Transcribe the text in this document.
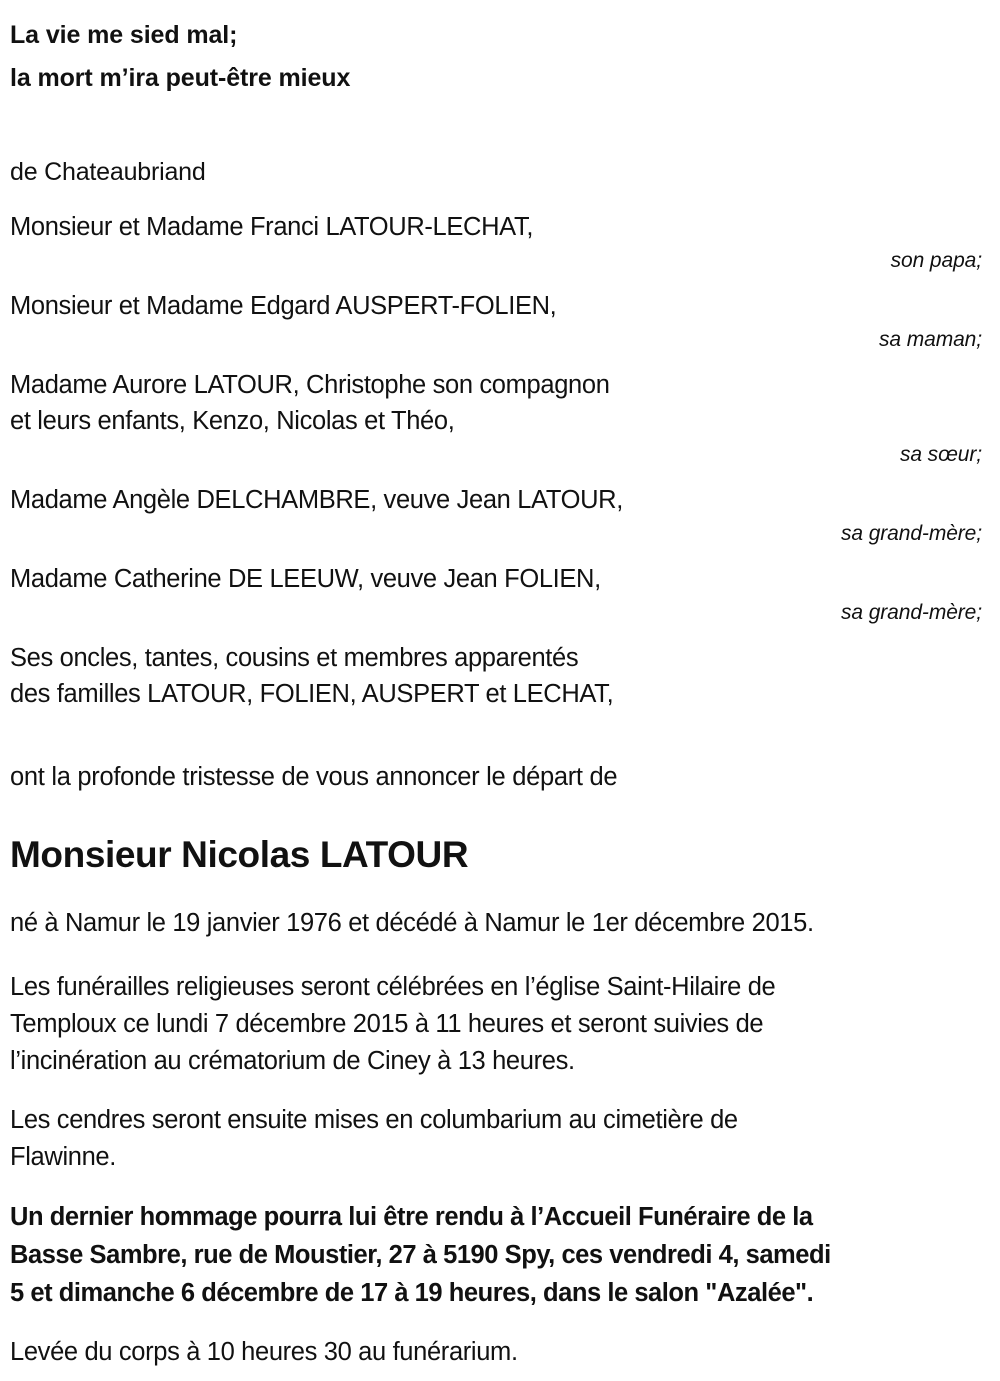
La vie me sied mal;
la mort m’ira peut-être mieux
de Chateaubriand
Monsieur et Madame Franci LATOUR-LECHAT,
son papa;
Monsieur et Madame Edgard AUSPERT-FOLIEN,
sa maman;
Madame Aurore LATOUR, Christophe son compagnon
et leurs enfants, Kenzo, Nicolas et Théo,
sa sœur;
Madame Angèle DELCHAMBRE, veuve Jean LATOUR,
sa grand-mère;
Madame Catherine DE LEEUW, veuve Jean FOLIEN,
sa grand-mère;
Ses oncles, tantes, cousins et membres apparentés
des familles LATOUR, FOLIEN, AUSPERT et LECHAT,
ont la profonde tristesse de vous annoncer le départ de
Monsieur Nicolas LATOUR
né à Namur le 19 janvier 1976 et décédé à Namur le 1er décembre 2015.
Les funérailles religieuses seront célébrées en l’église Saint-Hilaire de
Temploux ce lundi 7 décembre 2015 à 11 heures et seront suivies de
l’incinération au crématorium de Ciney à 13 heures.
Les cendres seront ensuite mises en columbarium au cimetière de
Flawinne.
Un dernier hommage pourra lui être rendu à l’Accueil Funéraire de la
Basse Sambre, rue de Moustier, 27 à 5190 Spy, ces vendredi 4, samedi
5 et dimanche 6 décembre de 17 à 19 heures, dans le salon "Azalée".
Levée du corps à 10 heures 30 au funérarium.
